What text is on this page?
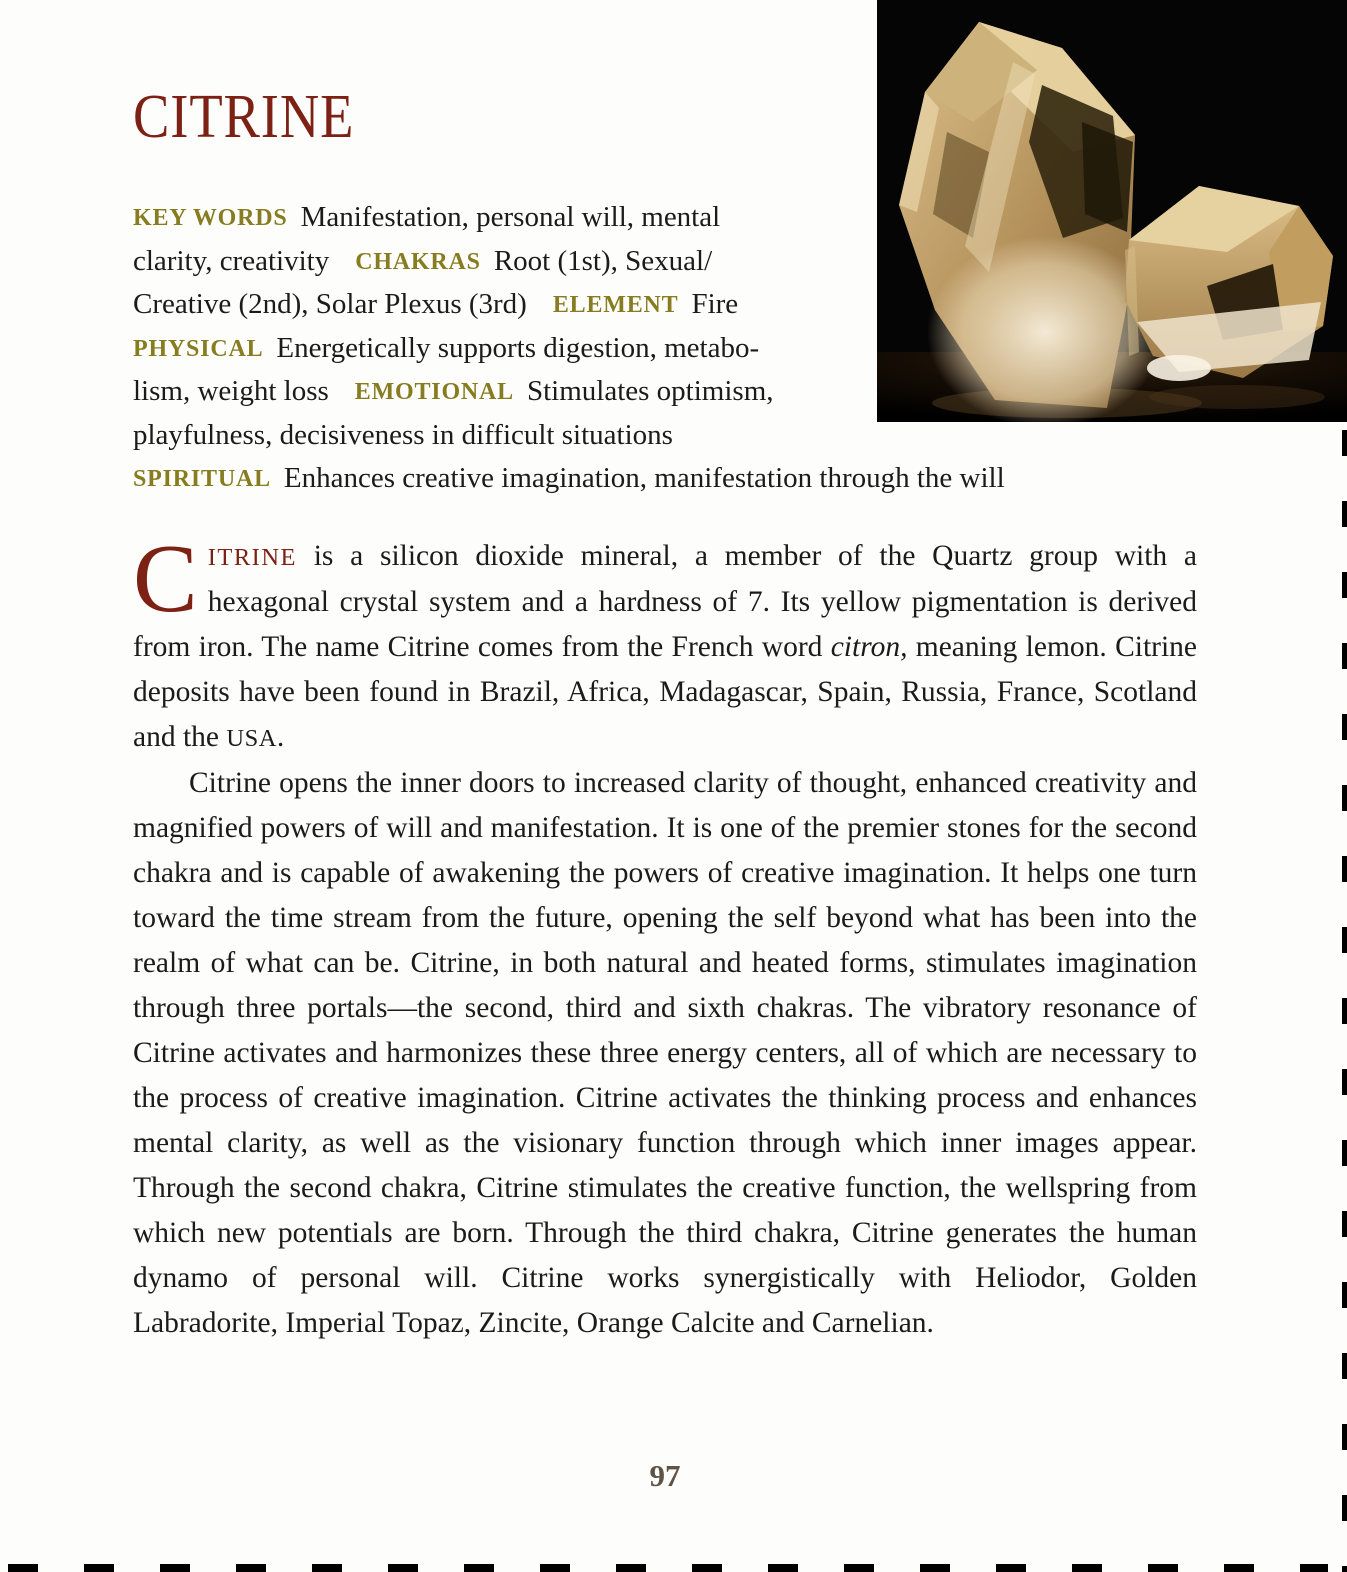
CITRINE
KEY WORDS Manifestation, personal will, mental
clarity, creativity CHAKRAS Root (1st), Sexual/
Creative (2nd), Solar Plexus (3rd) ELEMENT Fire
PHYSICAL Energetically supports digestion, metabo-
lism, weight loss EMOTIONAL Stimulates optimism,
playfulness, decisiveness in difficult situations
SPIRITUAL Enhances creative imagination, manifestation through the will

CITRINE is a silicon dioxide mineral, a member of the Quartz group with a hexagonal crystal system and a hardness of 7. Its yellow pigmentation is derived from iron. The name Citrine comes from the French word citron, meaning lemon. Citrine deposits have been found in Brazil, Africa, Madagascar, Spain, Russia, France, Scotland and the USA.

Citrine opens the inner doors to increased clarity of thought, enhanced creativity and magnified powers of will and manifestation. It is one of the premier stones for the second chakra and is capable of awakening the powers of creative imagination. It helps one turn toward the time stream from the future, opening the self beyond what has been into the realm of what can be. Citrine, in both natural and heated forms, stimulates imagination through three portals—the second, third and sixth chakras. The vibratory resonance of Citrine activates and harmonizes these three energy centers, all of which are necessary to the process of creative imagination. Citrine activates the thinking process and enhances mental clarity, as well as the visionary function through which inner images appear. Through the second chakra, Citrine stimulates the creative function, the wellspring from which new potentials are born. Through the third chakra, Citrine generates the human dynamo of personal will. Citrine works synergistically with Heliodor, Golden Labradorite, Imperial Topaz, Zincite, Orange Calcite and Carnelian.

97
